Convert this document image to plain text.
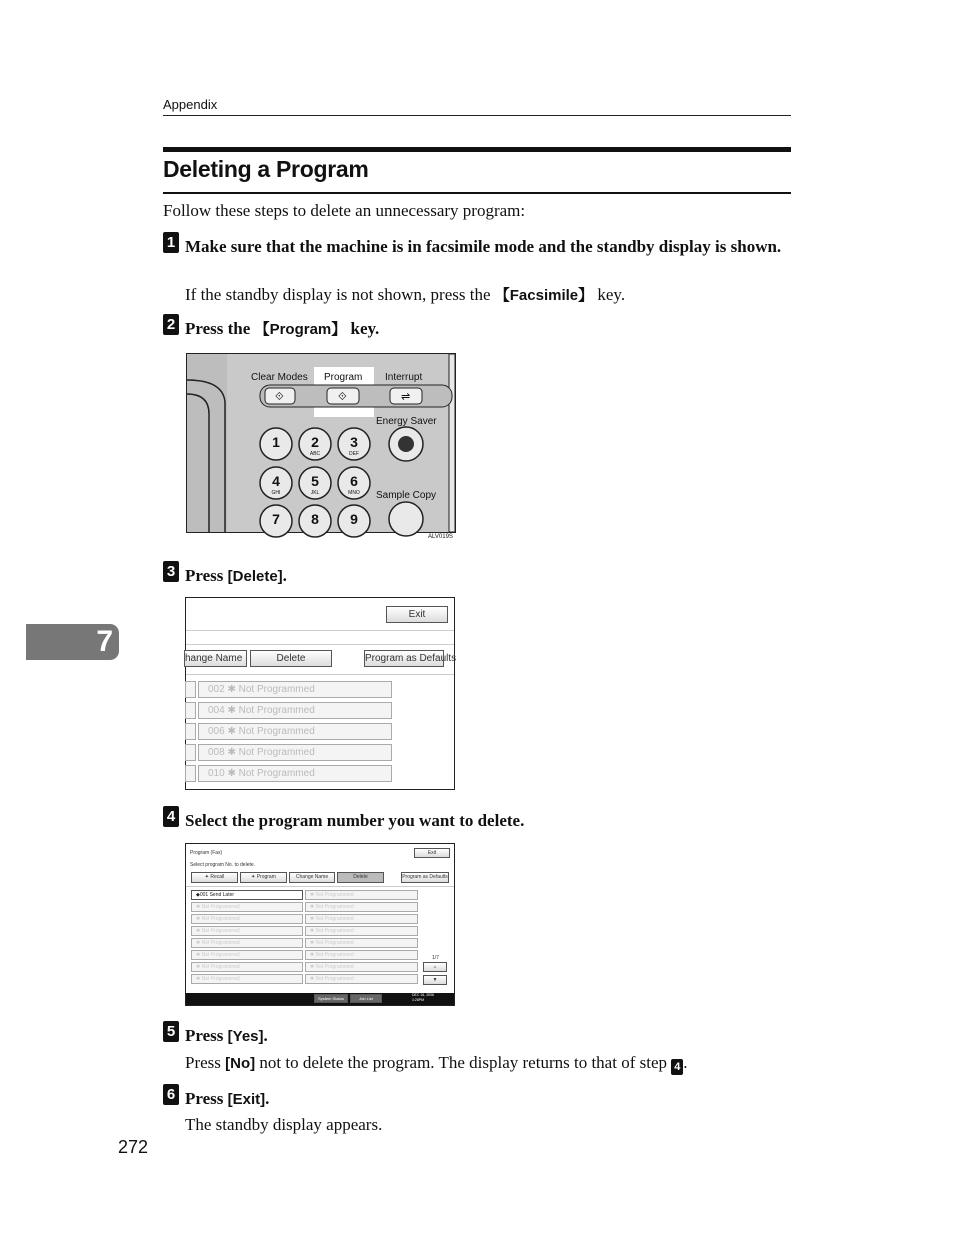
Appendix
Deleting a Program
Follow these steps to delete an unnecessary program:
1 Make sure that the machine is in facsimile mode and the standby display is shown.
If the standby display is not shown, press the 【Facsimile】 key.
2 Press the 【Program】 key.
Clear Modes Program Interrupt
⟐	⟐	⇌
Energy Saver
Sample Copy
1 2
ABC
3
DEF
4
GHI
5
JKL
6
MNO
7 8 9
ALV019S
3 Press [Delete].
Exit
hange Name	Delete	Program as Defaults
002 ✱ Not Programmed
004 ✱ Not Programmed
006 ✱ Not Programmed
008 ✱ Not Programmed
010 ✱ Not Programmed
4 Select the program number you want to delete.
Program (Fax)	Exit
Select program No. to delete.
✦ Recall	✦ Program	Change Name	Delete	Program as Defaults
◆001 Send Later	✱ Not Programmed
✱ Not Programmed	✱ Not Programmed
✱ Not Programmed	✱ Not Programmed
✱ Not Programmed	✱ Not Programmed
✱ Not Programmed	✱ Not Programmed
✱ Not Programmed	✱ Not Programmed
✱ Not Programmed	✱ Not Programmed
✱ Not Programmed	✱ Not Programmed
1/7
▲
▼
System Status	Job List
DEC 16, 2006 1:28PM
5 Press [Yes].
Press [No] not to delete the program. The display returns to that of step 4 .
6 Press [Exit].
The standby display appears.
7
272
